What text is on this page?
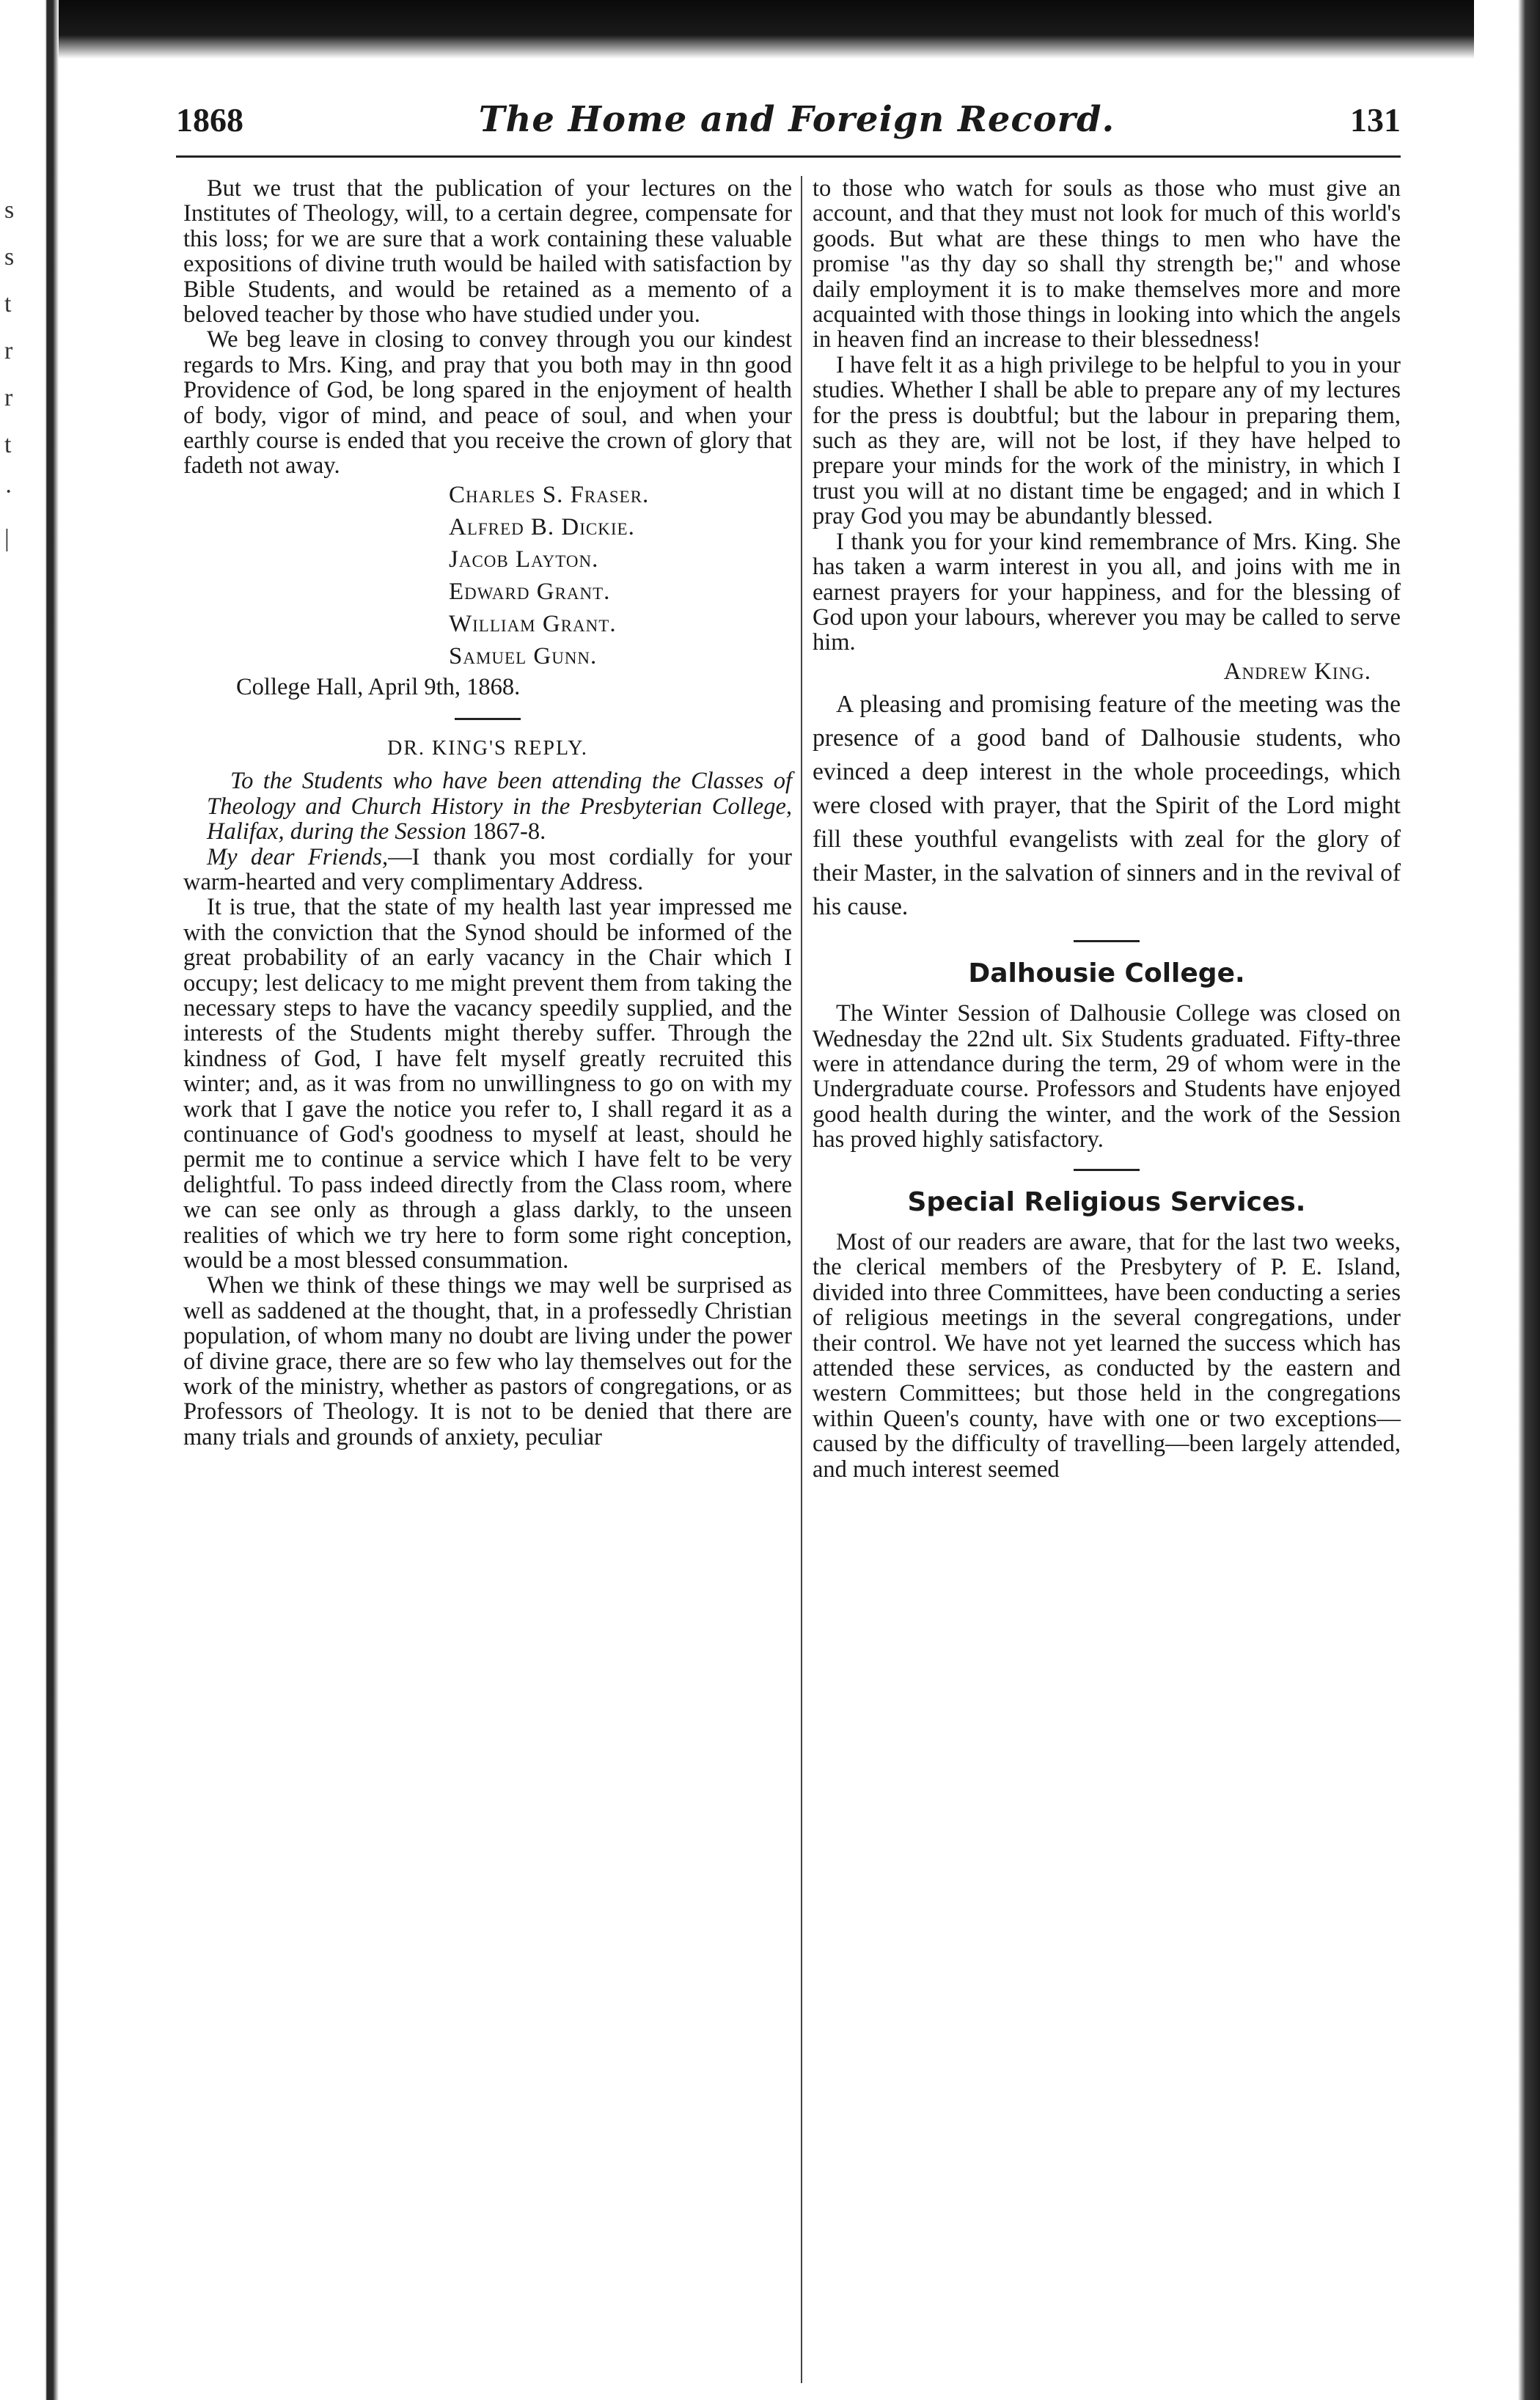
s
s
t
r
r
t
·
|
1868	The Home and Foreign Record.	131

But we trust that the publication of your lectures on the Institutes of Theology, will, to a certain degree, compensate for this loss; for we are sure that a work containing these valuable expositions of divine truth would be hailed with satisfaction by Bible Students, and would be retained as a memento of a beloved teacher by those who have studied under you.

We beg leave in closing to convey through you our kindest regards to Mrs. King, and pray that you both may in thn good Providence of God, be long spared in the enjoyment of health of body, vigor of mind, and peace of soul, and when your earthly course is ended that you receive the crown of glory that fadeth not away.

Charles S. Fraser.

Alfred B. Dickie.

Jacob Layton.

Edward Grant.

William Grant.

Samuel Gunn.

College Hall, April 9th, 1868.

DR. KING'S REPLY.

To the Students who have been attending the Classes of Theology and Church History in the Presbyterian College, Halifax, during the Session 1867-8.

My dear Friends,—I thank you most cordially for your warm-hearted and very complimentary Address.

It is true, that the state of my health last year impressed me with the conviction that the Synod should be informed of the great probability of an early vacancy in the Chair which I occupy; lest delicacy to me might prevent them from taking the necessary steps to have the vacancy speedily supplied, and the interests of the Students might thereby suffer. Through the kindness of God, I have felt myself greatly recruited this winter; and, as it was from no unwillingness to go on with my work that I gave the notice you refer to, I shall regard it as a continuance of God's goodness to myself at least, should he permit me to continue a service which I have felt to be very delightful. To pass indeed directly from the Class room, where we can see only as through a glass darkly, to the unseen realities of which we try here to form some right conception, would be a most blessed consummation.

When we think of these things we may well be surprised as well as saddened at the thought, that, in a professedly Christian population, of whom many no doubt are living under the power of divine grace, there are so few who lay themselves out for the work of the ministry, whether as pastors of congregations, or as Professors of Theology. It is not to be denied that there are many trials and grounds of anxiety, peculiar

to those who watch for souls as those who must give an account, and that they must not look for much of this world's goods. But what are these things to men who have the promise "as thy day so shall thy strength be;" and whose daily employment it is to make themselves more and more acquainted with those things in looking into which the angels in heaven find an increase to their blessedness!

I have felt it as a high privilege to be helpful to you in your studies. Whether I shall be able to prepare any of my lectures for the press is doubtful; but the labour in preparing them, such as they are, will not be lost, if they have helped to prepare your minds for the work of the ministry, in which I trust you will at no distant time be engaged; and in which I pray God you may be abundantly blessed.

I thank you for your kind remembrance of Mrs. King. She has taken a warm interest in you all, and joins with me in earnest prayers for your happiness, and for the blessing of God upon your labours, wherever you may be called to serve him.

Andrew King.

A pleasing and promising feature of the meeting was the presence of a good band of Dalhousie students, who evinced a deep interest in the whole proceedings, which were closed with prayer, that the Spirit of the Lord might fill these youthful evangelists with zeal for the glory of their Master, in the salvation of sinners and in the revival of his cause.

Dalhousie College.

The Winter Session of Dalhousie College was closed on Wednesday the 22nd ult. Six Students graduated. Fifty-three were in attendance during the term, 29 of whom were in the Undergraduate course. Professors and Students have enjoyed good health during the winter, and the work of the Session has proved highly satisfactory.

Special Religious Services.

Most of our readers are aware, that for the last two weeks, the clerical members of the Presbytery of P. E. Island, divided into three Committees, have been conducting a series of religious meetings in the several congregations, under their control. We have not yet learned the success which has attended these services, as conducted by the eastern and western Committees; but those held in the congregations within Queen's county, have with one or two exceptions—caused by the difficulty of travelling—been largely attended, and much interest seemed
